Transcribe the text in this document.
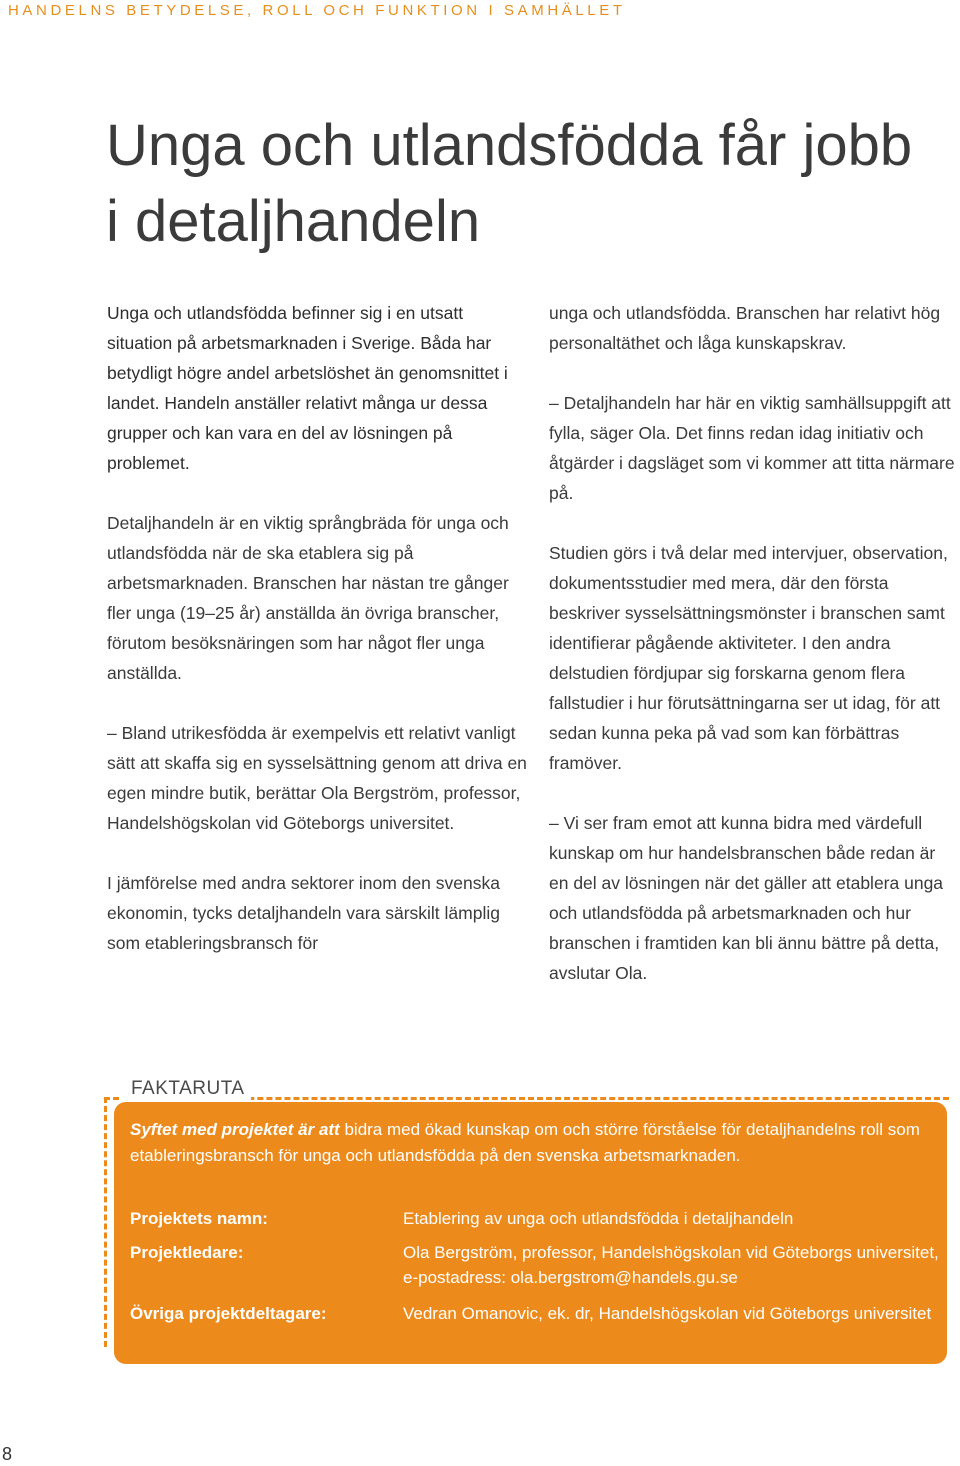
HANDELNS BETYDELSE, ROLL OCH FUNKTION I SAMHÄLLET
Unga och utlandsfödda får jobb i detaljhandeln
Unga och utlandsfödda befinner sig i en utsatt situation på arbetsmarknaden i Sverige. Båda har betydligt högre andel arbetslöshet än genomsnittet i landet. Handeln anställer relativt många ur dessa grupper och kan vara en del av lösningen på problemet.
Detaljhandeln är en viktig språngbräda för unga och utlandsfödda när de ska etablera sig på arbetsmarknaden. Branschen har nästan tre gånger fler unga (19–25 år) anställda än övriga branscher, förutom besöksnäringen som har något fler unga anställda.
– Bland utrikesfödda är exempelvis ett relativt vanligt sätt att skaffa sig en sysselsättning genom att driva en egen mindre butik, berättar Ola Bergström, professor, Handelshögskolan vid Göteborgs universitet.
I jämförelse med andra sektorer inom den svenska ekonomin, tycks detaljhandeln vara särskilt lämplig som etableringsbransch för
unga och utlandsfödda. Branschen har relativt hög personaltäthet och låga kunskapskrav.
– Detaljhandeln har här en viktig samhällsuppgift att fylla, säger Ola. Det finns redan idag initiativ och åtgärder i dagsläget som vi kommer att titta närmare på.
Studien görs i två delar med intervjuer, observation, dokumentsstudier med mera, där den första beskriver sysselsättningsmönster i branschen samt identifierar pågående aktiviteter. I den andra delstudien fördjupar sig forskarna genom flera fallstudier i hur förutsättningarna ser ut idag, för att sedan kunna peka på vad som kan förbättras framöver.
– Vi ser fram emot att kunna bidra med värdefull kunskap om hur handelsbranschen både redan är en del av lösningen när det gäller att etablera unga och utlandsfödda på arbetsmarknaden och hur branschen i framtiden kan bli ännu bättre på detta, avslutar Ola.
FAKTARUTA
Syftet med projektet är att bidra med ökad kunskap om och större förståelse för detaljhandelns roll som etableringsbransch för unga och utlandsfödda på den svenska arbetsmarknaden.
Projektets namn:	Etablering av unga och utlandsfödda i detaljhandeln
Projektledare:	Ola Bergström, professor, Handelshögskolan vid Göteborgs universitet, e-postadress: ola.bergstrom@handels.gu.se
Övriga projektdeltagare:	Vedran Omanovic, ek. dr, Handelshögskolan vid Göteborgs universitet
8
